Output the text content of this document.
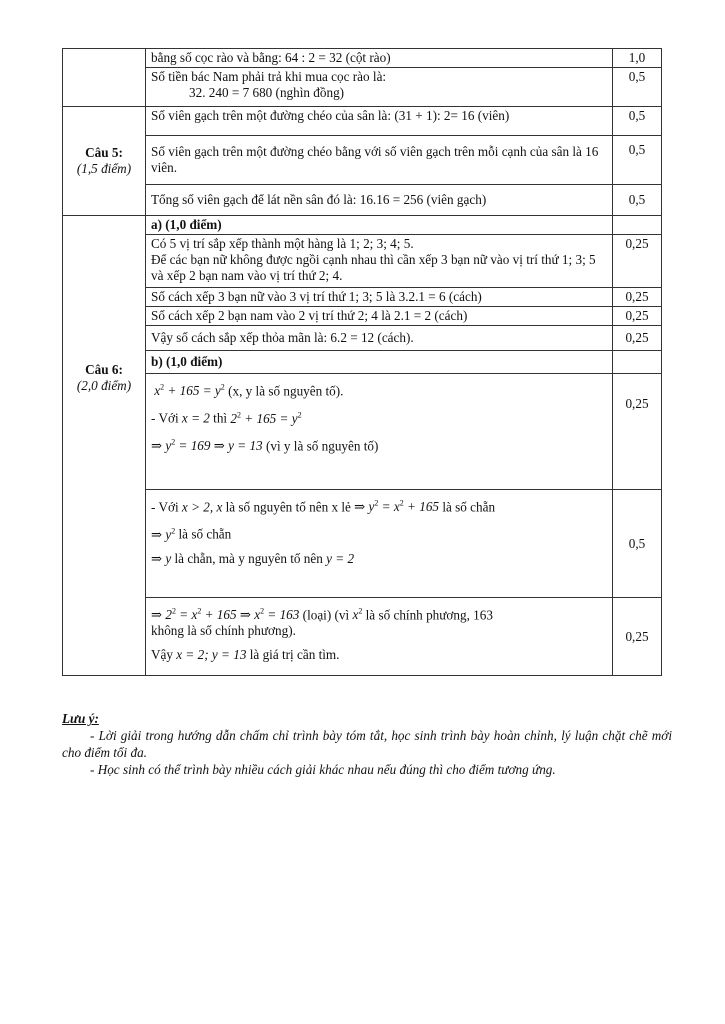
	bằng số cọc rào và bằng: 64 : 2 = 32 (cột rào)	1,0

	Số tiền bác Nam phải trả khi mua cọc rào là:
32. 240 = 7 680 (nghìn đồng)	0,5

Câu 5:
(1,5 điểm)	Số viên gạch trên một đường chéo của sân là: (31 + 1): 2= 16 (viên)	0,5
	Số viên gạch trên một đường chéo bằng với số viên gạch trên mỗi cạnh của sân là 16 viên.	0,5
	Tổng số viên gạch để lát nền sân đó là: 16.16 = 256 (viên gạch)	0,5

Câu 6:
(2,0 điểm)	a) (1,0 điểm)	

	Có 5 vị trí sắp xếp thành một hàng là 1; 2; 3; 4; 5.
Để các bạn nữ không được ngồi cạnh nhau thì cần xếp 3 bạn nữ vào vị trí thứ 1; 3; 5 và xếp 2 bạn nam vào vị trí thứ 2; 4.	0,25
	Số cách xếp 3 bạn nữ vào 3 vị trí thứ 1; 3; 5 là 3.2.1 = 6 (cách)	0,25
	Số cách xếp 2 bạn nam vào 2 vị trí thứ 2; 4 là 2.1 = 2 (cách)	0,25
	Vậy số cách sắp xếp thỏa mãn là: 6.2 = 12 (cách).	0,25
	b) (1,0 điểm)	

	$x^2 + 165 = y^2$ (x, y là số nguyên tố).
- Với x = 2 thì $2^2 + 165 = y^2$
⇒ $y^2 = 169$ ⇒ y = 13 (vì y là số nguyên tố)	0,25

	- Với x > 2, x là số nguyên tố nên x lẻ ⇒ $y^2 = x^2 + 165$ là số chẵn
⇒ $y^2$ là số chẵn
⇒ y là chẵn, mà y nguyên tố nên y = 2	0,5

	⇒ $2^2 = x^2 + 165$ ⇒ $x^2 = 163$ (loại) (vì $x^2$ là số chính phương, 163
không là số chính phương).
Vậy x = 2; y = 13 là giá trị cần tìm.	0,25
Lưu ý:
- Lời giải trong hướng dẫn chấm chỉ trình bày tóm tắt, học sinh trình bày hoàn chỉnh, lý luận chặt chẽ mới cho điểm tối đa.
- Học sinh có thể trình bày nhiều cách giải khác nhau nếu đúng thì cho điểm tương ứng.
